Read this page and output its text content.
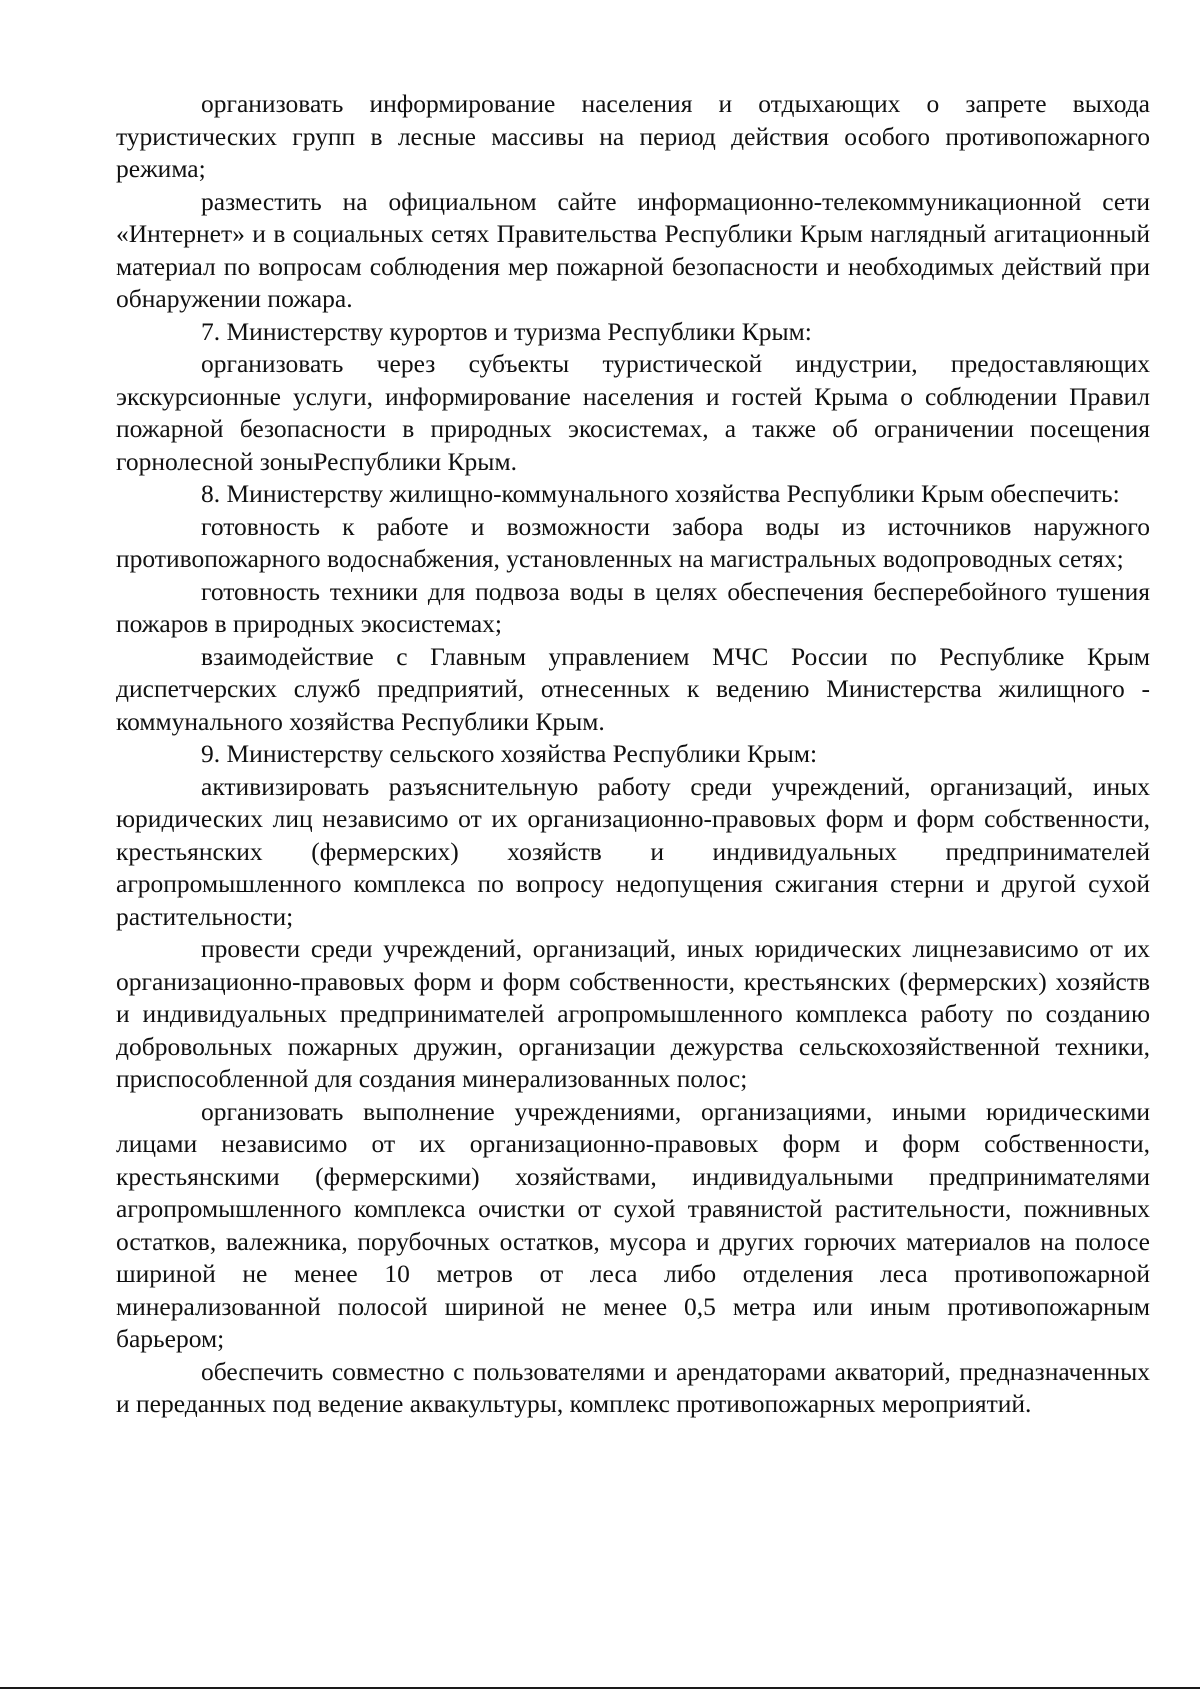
организовать информирование населения и отдыхающих о запрете выхода туристических групп в лесные массивы на период действия особого противопожарного режима;

разместить на официальном сайте информационно-телекоммуникационной сети «Интернет» и в социальных сетях Правительства Республики Крым наглядный агитационный материал по вопросам соблюдения мер пожарной безопасности и необходимых действий при обнаружении пожара.

7. Министерству курортов и туризма Республики Крым:

организовать через субъекты туристической индустрии, предоставляющих экскурсионные услуги, информирование населения и гостей Крыма о соблюдении Правил пожарной безопасности в природных экосистемах, а также об ограничении посещения горнолесной зоныРеспублики Крым.

8. Министерству жилищно-коммунального хозяйства Республики Крым обеспечить:

готовность к работе и возможности забора воды из источников наружного противопожарного водоснабжения, установленных на магистральных водопроводных сетях;

готовность техники для подвоза воды в целях обеспечения бесперебойного тушения пожаров в природных экосистемах;

взаимодействие с Главным управлением МЧС России по Республике Крым диспетчерских служб предприятий, отнесенных к ведению Министерства жилищного - коммунального хозяйства Республики Крым.

9. Министерству сельского хозяйства Республики Крым:

активизировать разъяснительную работу среди учреждений, организаций, иных юридических лиц независимо от их организационно-правовых форм и форм собственности, крестьянских (фермерских) хозяйств и индивидуальных предпринимателей агропромышленного комплекса по вопросу недопущения сжигания стерни и другой сухой растительности;

провести среди учреждений, организаций, иных юридических лицнезависимо от их организационно-правовых форм и форм собственности, крестьянских (фермерских) хозяйств и индивидуальных предпринимателей агропромышленного комплекса работу по созданию добровольных пожарных дружин, организации дежурства сельскохозяйственной техники, приспособленной для создания минерализованных полос;

организовать выполнение учреждениями, организациями, иными юридическими лицами независимо от их организационно-правовых форм и форм собственности, крестьянскими (фермерскими) хозяйствами, индивидуальными предпринимателями агропромышленного комплекса очистки от сухой травянистой растительности, пожнивных остатков, валежника, порубочных остатков, мусора и других горючих материалов на полосе шириной не менее 10 метров от леса либо отделения леса противопожарной минерализованной полосой шириной не менее 0,5 метра или иным противопожарным барьером;

обеспечить совместно с пользователями и арендаторами акваторий, предназначенных и переданных под ведение аквакультуры, комплекс противопожарных мероприятий.
